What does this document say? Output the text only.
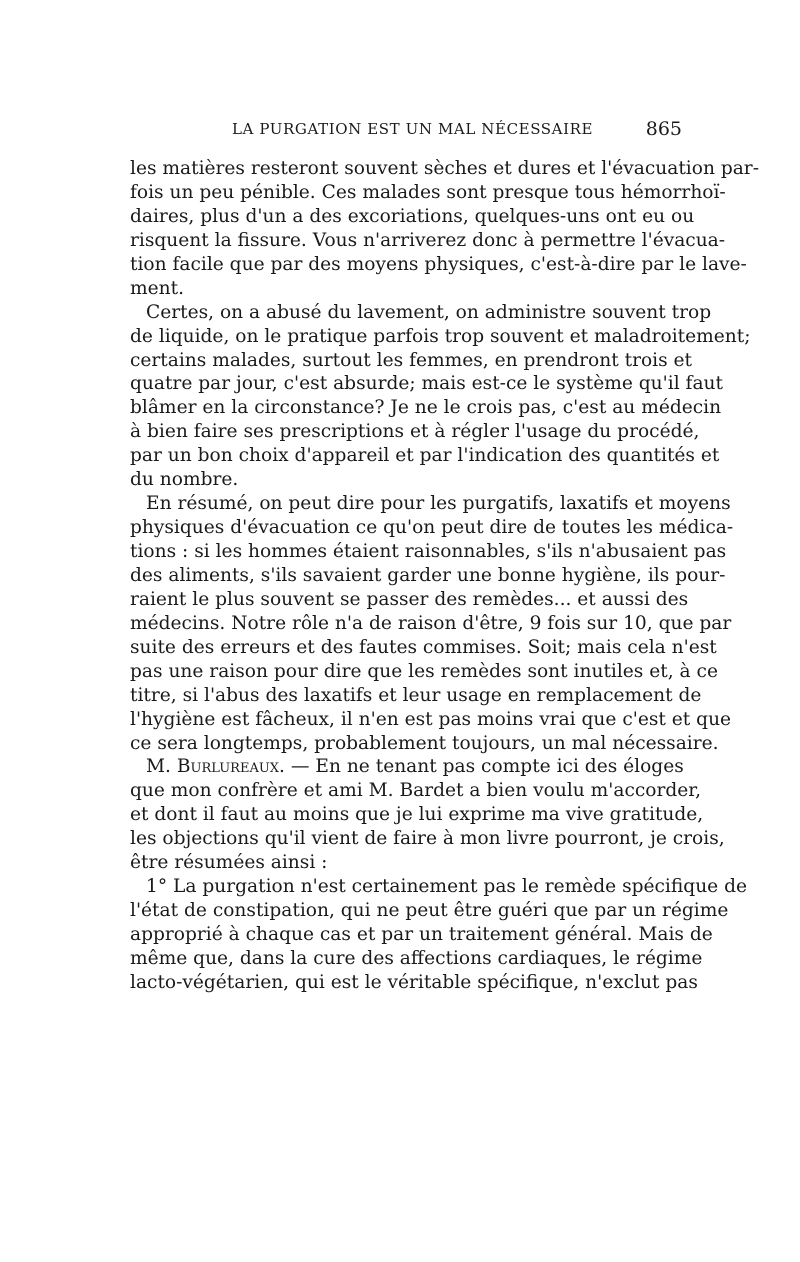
LA PURGATION EST UN MAL NÉCESSAIRE	865
les matières resteront souvent sèches et dures et l'évacuation par-
fois un peu pénible. Ces malades sont presque tous hémorrhoï-
daires, plus d'un a des excoriations, quelques-uns ont eu ou
risquent la fissure. Vous n'arriverez donc à permettre l'évacua-
tion facile que par des moyens physiques, c'est-à-dire par le lave-
ment.
Certes, on a abusé du lavement, on administre souvent trop
de liquide, on le pratique parfois trop souvent et maladroitement;
certains malades, surtout les femmes, en prendront trois et
quatre par jour, c'est absurde; mais est-ce le système qu'il faut
blâmer en la circonstance? Je ne le crois pas, c'est au médecin
à bien faire ses prescriptions et à régler l'usage du procédé,
par un bon choix d'appareil et par l'indication des quantités et
du nombre.
En résumé, on peut dire pour les purgatifs, laxatifs et moyens
physiques d'évacuation ce qu'on peut dire de toutes les médica-
tions : si les hommes étaient raisonnables, s'ils n'abusaient pas
des aliments, s'ils savaient garder une bonne hygiène, ils pour-
raient le plus souvent se passer des remèdes... et aussi des
médecins. Notre rôle n'a de raison d'être, 9 fois sur 10, que par
suite des erreurs et des fautes commises. Soit; mais cela n'est
pas une raison pour dire que les remèdes sont inutiles et, à ce
titre, si l'abus des laxatifs et leur usage en remplacement de
l'hygiène est fâcheux, il n'en est pas moins vrai que c'est et que
ce sera longtemps, probablement toujours, un mal nécessaire.
M. Burlureaux. — En ne tenant pas compte ici des éloges
que mon confrère et ami M. Bardet a bien voulu m'accorder,
et dont il faut au moins que je lui exprime ma vive gratitude,
les objections qu'il vient de faire à mon livre pourront, je crois,
être résumées ainsi :
1° La purgation n'est certainement pas le remède spécifique de
l'état de constipation, qui ne peut être guéri que par un régime
approprié à chaque cas et par un traitement général. Mais de
même que, dans la cure des affections cardiaques, le régime
lacto-végétarien, qui est le véritable spécifique, n'exclut pas
